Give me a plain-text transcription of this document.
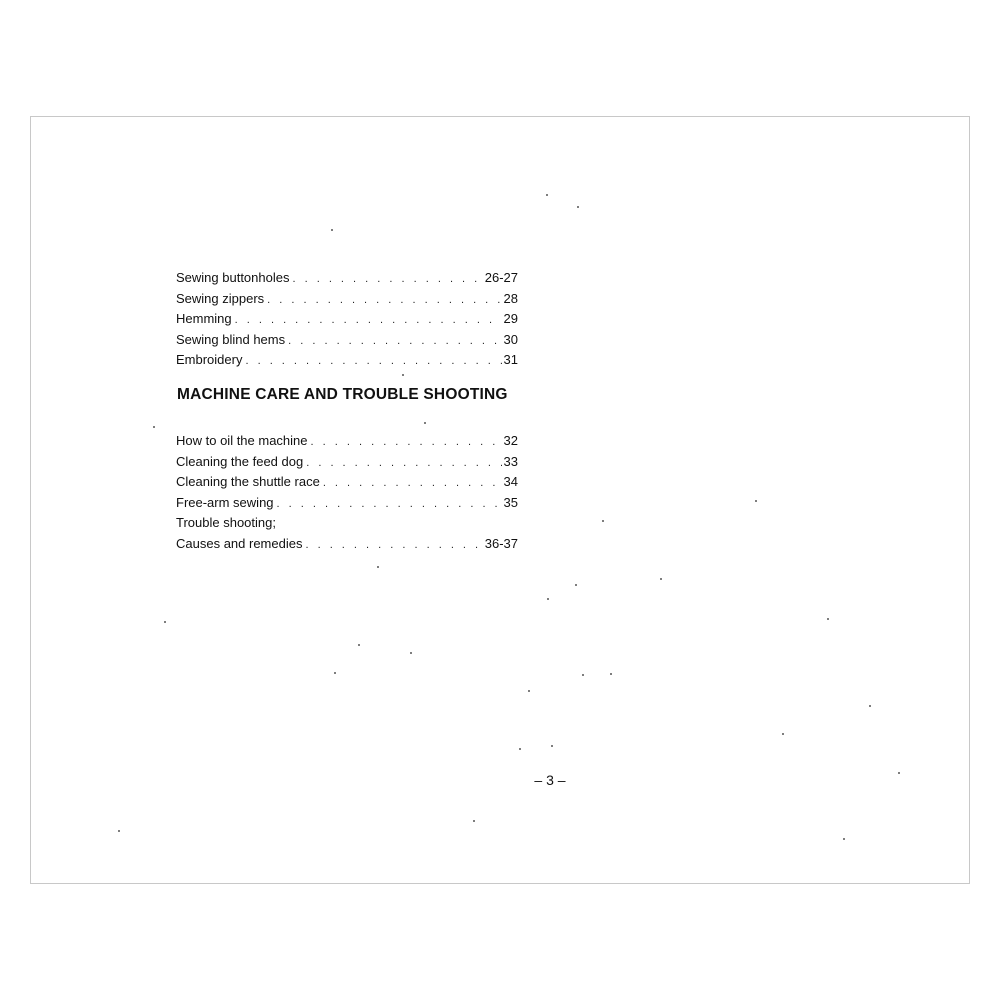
Sewing buttonholes . . .	26-27
Sewing zippers . . .	28
Hemming . . .	29
Sewing blind hems . . .	30
Embroidery . . .	31
MACHINE CARE AND TROUBLE SHOOTING
How to oil the machine . . .	32
Cleaning the feed dog . . .	33
Cleaning the shuttle race . . .	34
Free-arm sewing . . .	35
Trouble shooting;
Causes and remedies . . .	36-37
– 3 –
